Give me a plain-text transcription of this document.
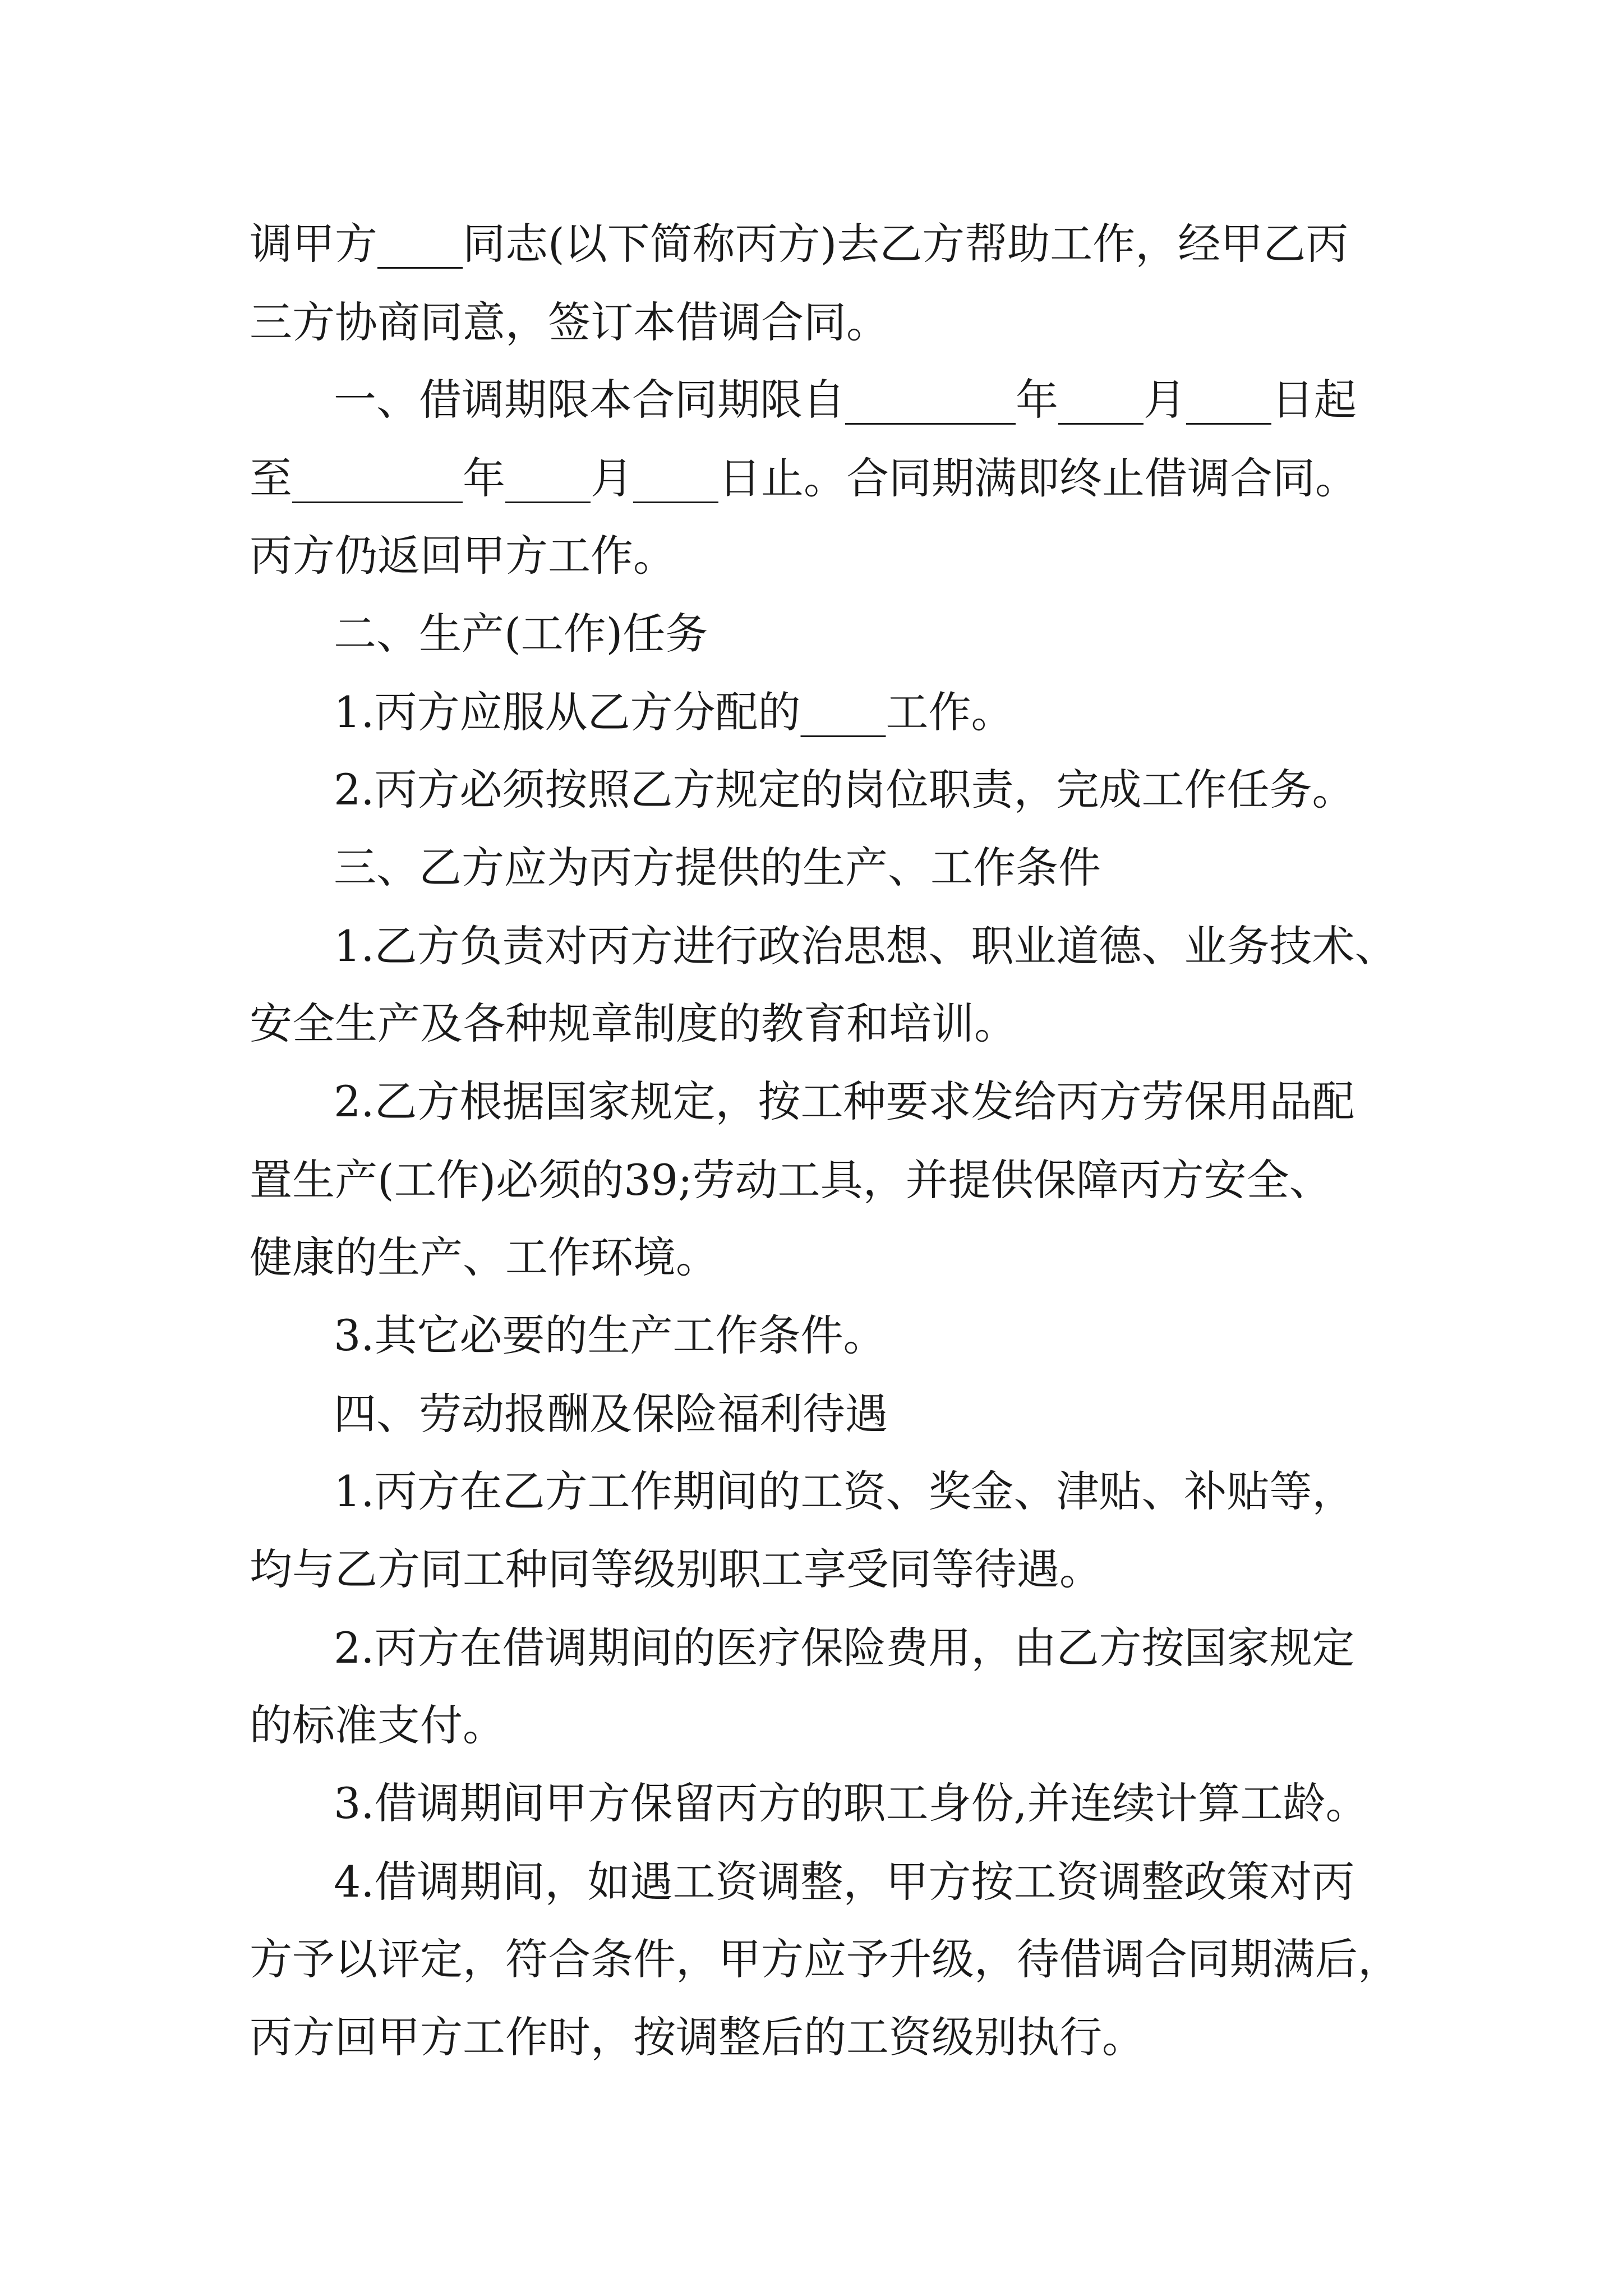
调甲方____同志(以下简称丙方)去乙方帮助工作，经甲乙丙

三方协商同意，签订本借调合同。

一、借调期限本合同期限自________年____月____日起

至________年____月____日止。合同期满即终止借调合同。

丙方仍返回甲方工作。

二、生产(工作)任务

1.丙方应服从乙方分配的____工作。

2.丙方必须按照乙方规定的岗位职责，完成工作任务。

三、乙方应为丙方提供的生产、工作条件

1.乙方负责对丙方进行政治思想、职业道德、业务技术、

安全生产及各种规章制度的教育和培训。

2.乙方根据国家规定，按工种要求发给丙方劳保用品配

置生产(工作)必须的39;劳动工具，并提供保障丙方安全、

健康的生产、工作环境。

3.其它必要的生产工作条件。

四、劳动报酬及保险福利待遇

1.丙方在乙方工作期间的工资、奖金、津贴、补贴等，

均与乙方同工种同等级别职工享受同等待遇。

2.丙方在借调期间的医疗保险费用，由乙方按国家规定

的标准支付。

3.借调期间甲方保留丙方的职工身份,并连续计算工龄。

4.借调期间，如遇工资调整，甲方按工资调整政策对丙

方予以评定，符合条件，甲方应予升级，待借调合同期满后，

丙方回甲方工作时，按调整后的工资级别执行。
